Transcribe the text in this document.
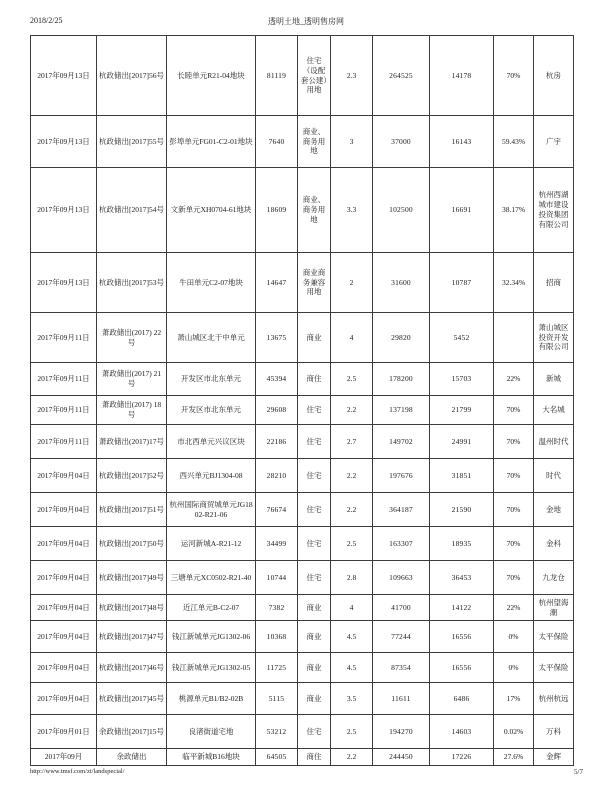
2018/2/25	透明土地_透明售房网
2017年09月13日	杭政储出[2017]56号	长睦单元R21-04地块	81119	住宅（设配套公建）用地	2.3	264525	14178	70%	杭房
2017年09月13日	杭政储出[2017]55号	彭埠单元FG01-C2-01地块	7640	商业、商务用地	3	37000	16143	59.43%	广宇
2017年09月13日	杭政储出[2017]54号	文新单元XH0704-61地块	18609	商业、商务用地	3.3	102500	16691	38.17%	杭州西湖城市建设投资集团有限公司
2017年09月13日	杭政储出[2017]53号	牛田单元C2-07地块	14647	商业商务兼容用地	2	31600	10787	32.34%	招商
2017年09月11日	萧政储出(2017) 22号	萧山城区北干中单元	13675	商业	4	29820	5452		萧山城区投资开发有限公司
2017年09月11日	萧政储出(2017) 21号	开发区市北东单元	45394	商住	2.5	178200	15703	22%	新城
2017年09月11日	萧政储出(2017) 18号	开发区市北东单元	29608	住宅	2.2	137198	21799	70%	大名城
2017年09月11日	萧政储出(2017)17号	市北西单元兴议区块	22186	住宅	2.7	149702	24991	70%	温州时代
2017年09月04日	杭政储出[2017]52号	西兴单元BJ1304-08	28210	住宅	2.2	197676	31851	70%	时代
2017年09月04日	杭政储出[2017]51号	杭州国际商贸城单元JG1802-R21-06	76674	住宅	2.2	364187	21590	70%	金地
2017年09月04日	杭政储出[2017]50号	运河新城A-R21-12	34499	住宅	2.5	163307	18935	70%	金科
2017年09月04日	杭政储出[2017]49号	三塘单元XC0502-R21-40	10744	住宅	2.8	109663	36453	70%	九龙仓
2017年09月04日	杭政储出[2017]48号	近江单元B-C2-07	7382	商业	4	41700	14122	22%	杭州望海潮
2017年09月04日	杭政储出[2017]47号	钱江新城单元JG1302-06	10368	商业	4.5	77244	16556	0%	太平保险
2017年09月04日	杭政储出[2017]46号	钱江新城单元JG1302-05	11725	商业	4.5	87354	16556	0%	太平保险
2017年09月04日	杭政储出[2017]45号	桃源单元B1/B2-02B	5115	商业	3.5	11611	6486	17%	杭州杭远
2017年09月01日	余政储出[2017]15号	良渚街道宅地	53212	住宅	2.5	194270	14603	0.02%	万科
2017年09月	余政储出	临平新城B16地块	64505	商住	2.2	244450	17226	27.6%	金辉
http://www.tmsf.com/zt/landspecial/	5/7
